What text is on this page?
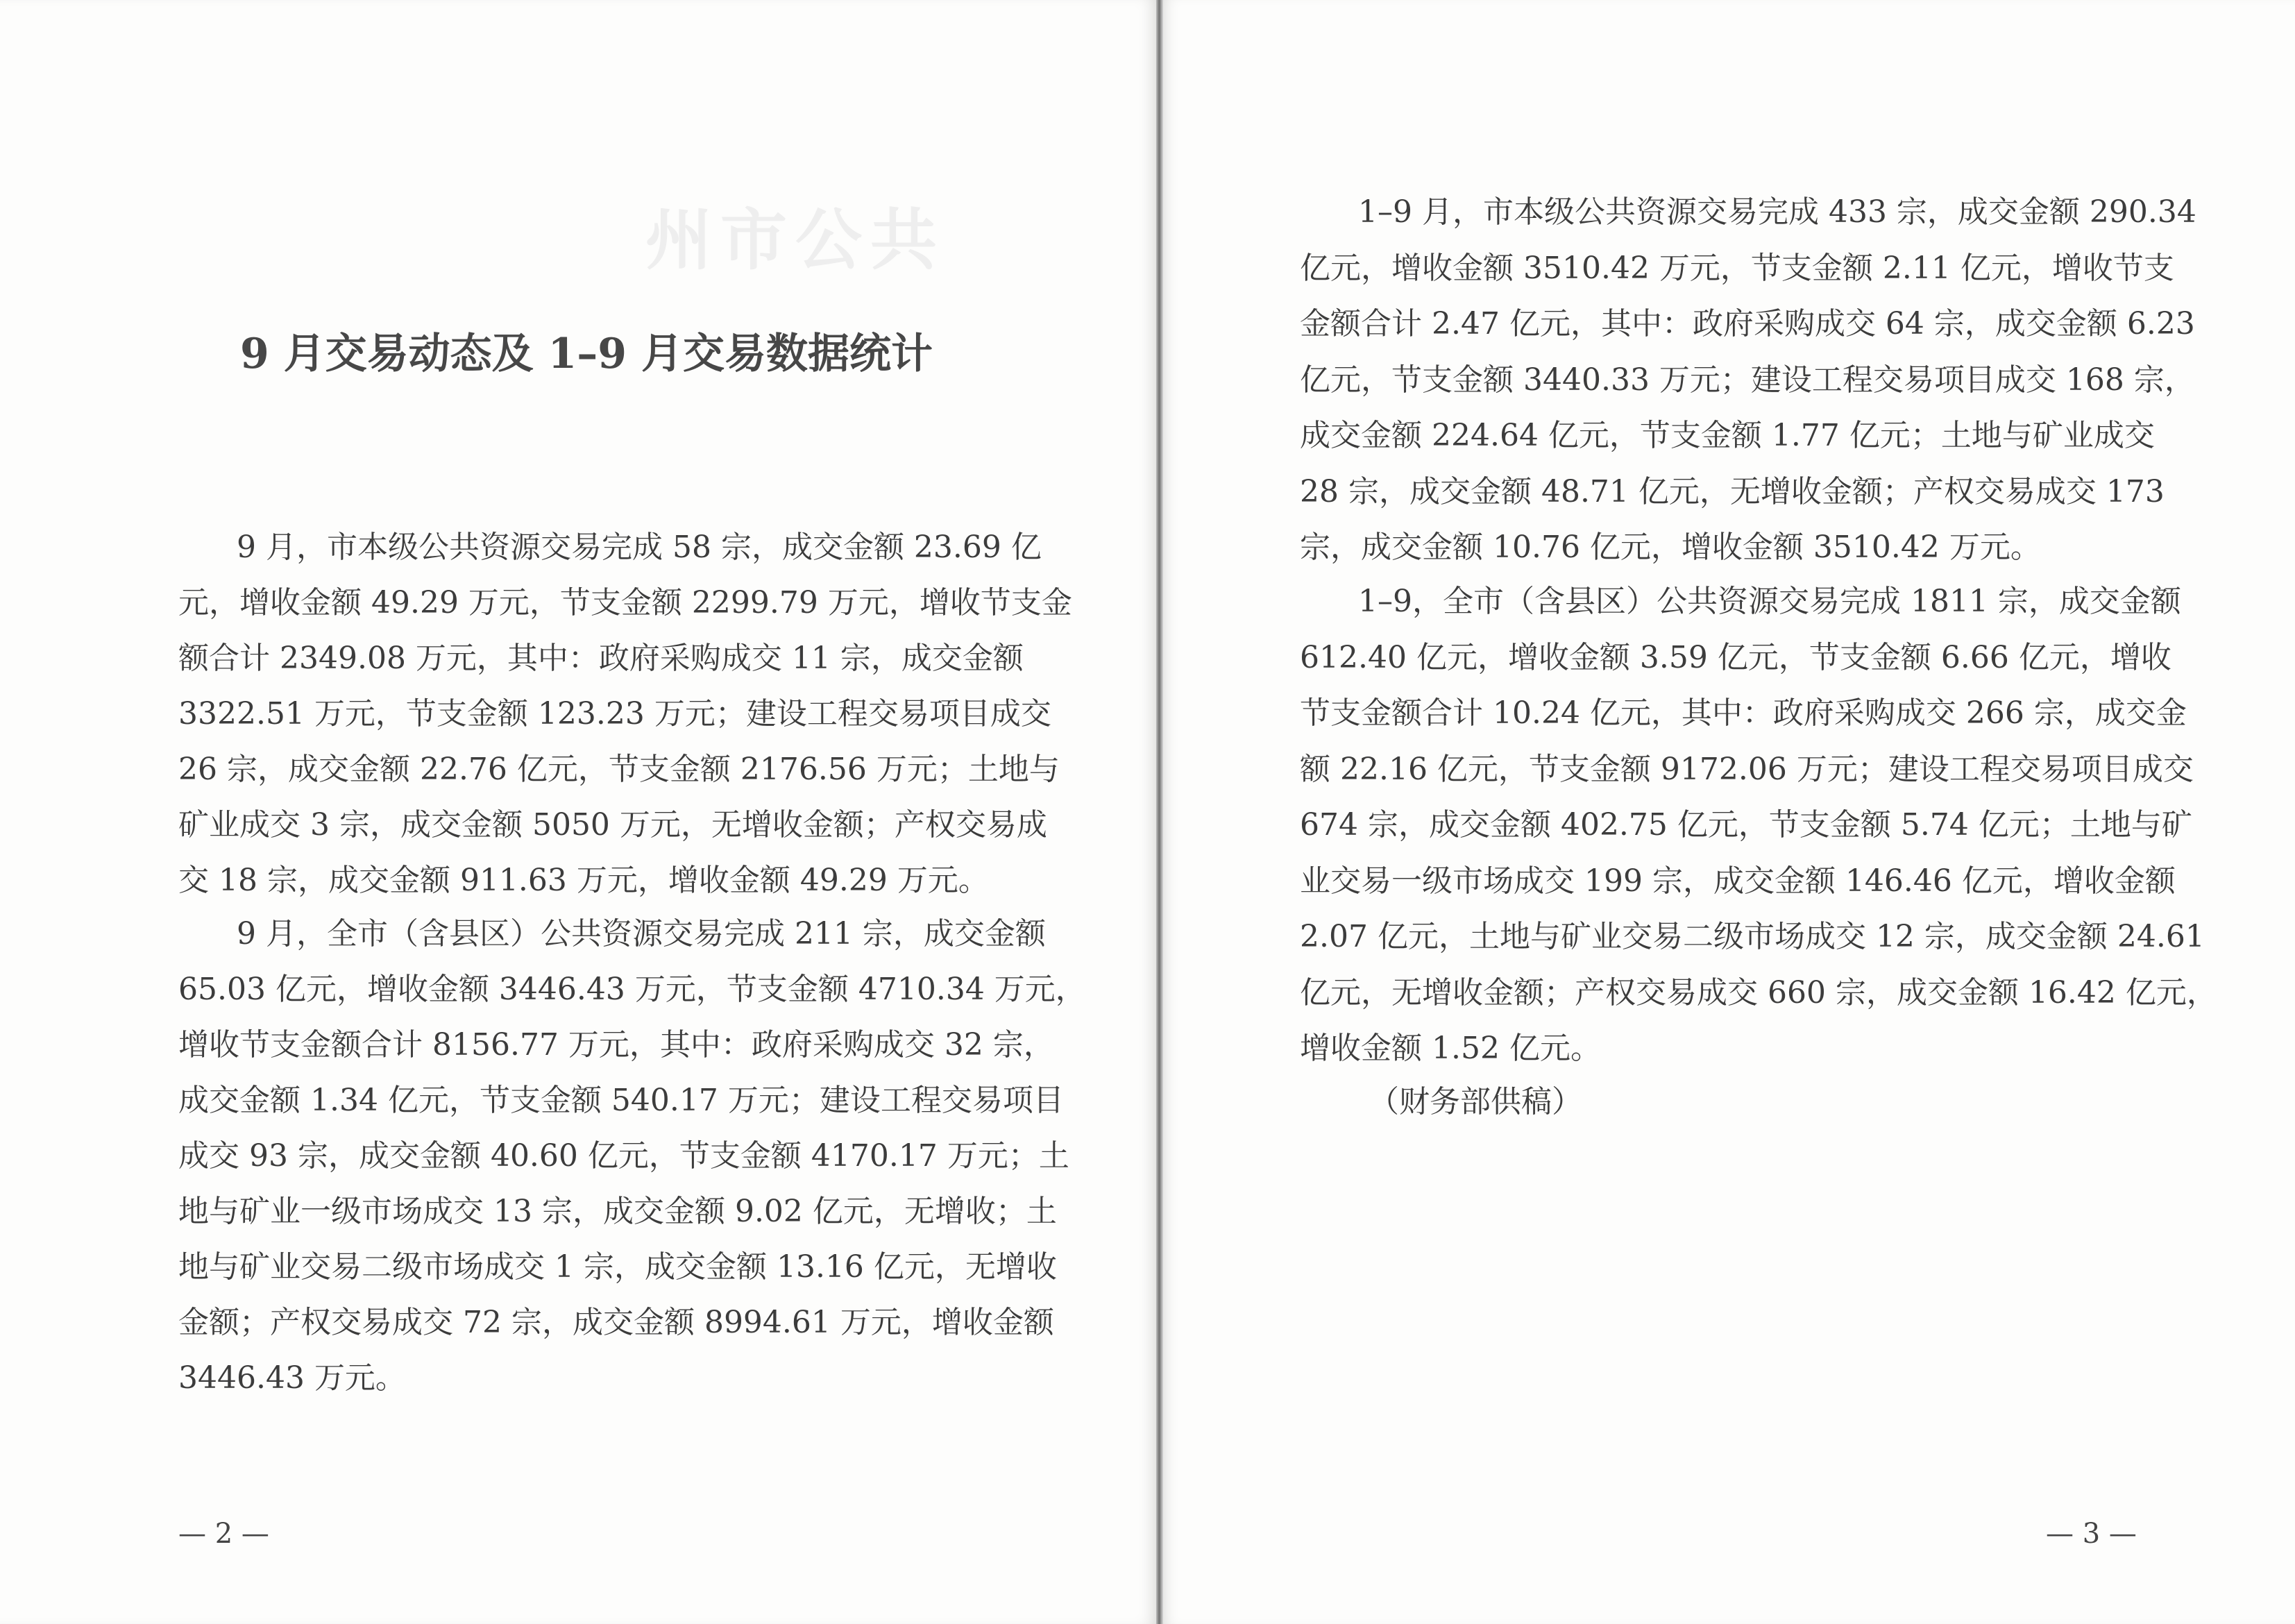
州市公共
9 月交易动态及 1–9 月交易数据统计
9 月，市本级公共资源交易完成 58 宗，成交金额 23.69 亿
元，增收金额 49.29 万元，节支金额 2299.79 万元，增收节支金
额合计 2349.08 万元，其中：政府采购成交 11 宗，成交金额
3322.51 万元，节支金额 123.23 万元；建设工程交易项目成交
26 宗，成交金额 22.76 亿元，节支金额 2176.56 万元；土地与
矿业成交 3 宗，成交金额 5050 万元，无增收金额；产权交易成
交 18 宗，成交金额 911.63 万元，增收金额 49.29 万元。
9 月，全市（含县区）公共资源交易完成 211 宗，成交金额
65.03 亿元，增收金额 3446.43 万元，节支金额 4710.34 万元，
增收节支金额合计 8156.77 万元，其中：政府采购成交 32 宗，
成交金额 1.34 亿元，节支金额 540.17 万元；建设工程交易项目
成交 93 宗，成交金额 40.60 亿元，节支金额 4170.17 万元；土
地与矿业一级市场成交 13 宗，成交金额 9.02 亿元，无增收；土
地与矿业交易二级市场成交 1 宗，成交金额 13.16 亿元，无增收
金额；产权交易成交 72 宗，成交金额 8994.61 万元，增收金额
3446.43 万元。
— 2 —
1–9 月，市本级公共资源交易完成 433 宗，成交金额 290.34
亿元，增收金额 3510.42 万元，节支金额 2.11 亿元，增收节支
金额合计 2.47 亿元，其中：政府采购成交 64 宗，成交金额 6.23
亿元，节支金额 3440.33 万元；建设工程交易项目成交 168 宗，
成交金额 224.64 亿元，节支金额 1.77 亿元；土地与矿业成交
28 宗，成交金额 48.71 亿元，无增收金额；产权交易成交 173
宗，成交金额 10.76 亿元，增收金额 3510.42 万元。
1–9，全市（含县区）公共资源交易完成 1811 宗，成交金额
612.40 亿元，增收金额 3.59 亿元，节支金额 6.66 亿元，增收
节支金额合计 10.24 亿元，其中：政府采购成交 266 宗，成交金
额 22.16 亿元，节支金额 9172.06 万元；建设工程交易项目成交
674 宗，成交金额 402.75 亿元，节支金额 5.74 亿元；土地与矿
业交易一级市场成交 199 宗，成交金额 146.46 亿元，增收金额
2.07 亿元，土地与矿业交易二级市场成交 12 宗，成交金额 24.61
亿元，无增收金额；产权交易成交 660 宗，成交金额 16.42 亿元，
增收金额 1.52 亿元。
（财务部供稿）
— 3 —
